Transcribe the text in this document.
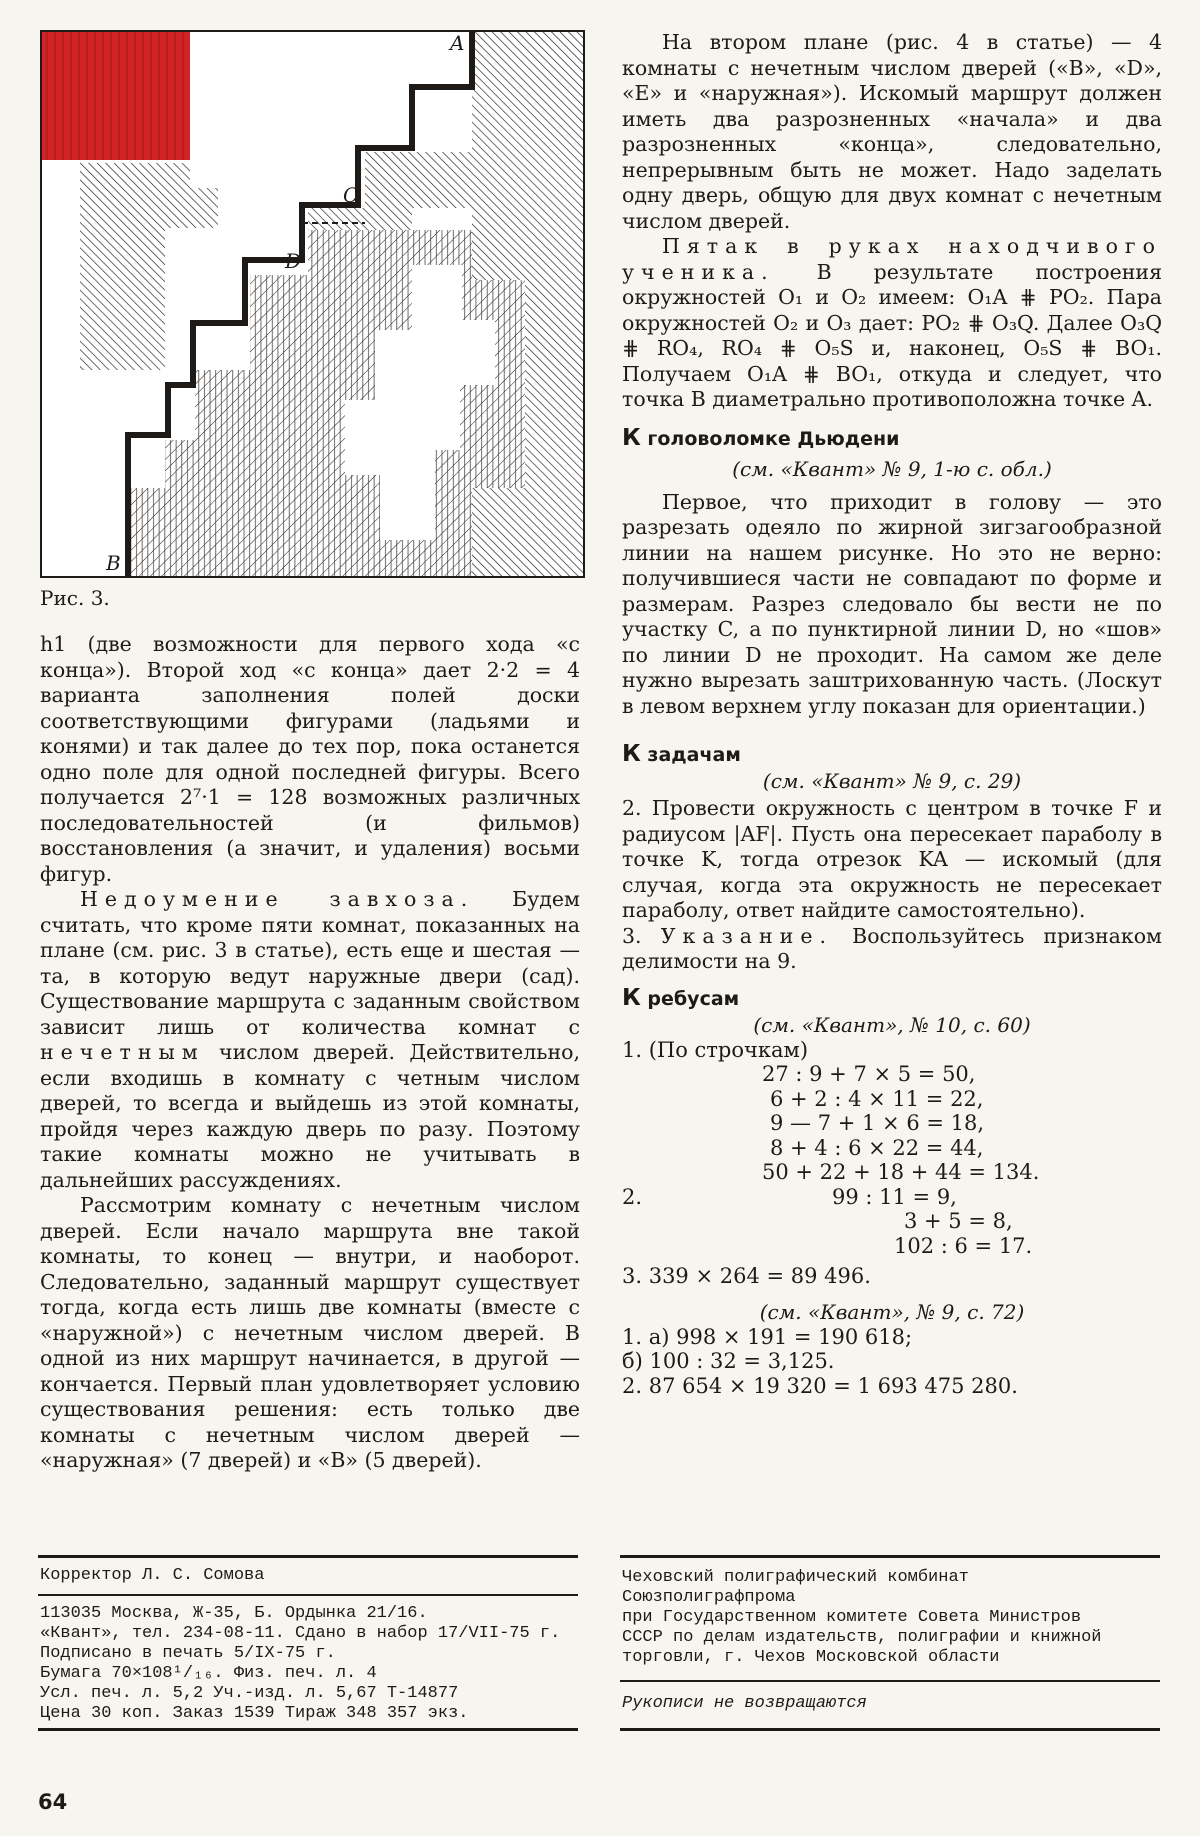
A
B
C
D
Рис. 3.

h1 (две возможности для первого хода «с конца»). Второй ход «с конца» дает 2·2 = 4 варианта заполнения полей доски соответствующими фигурами (ладьями и конями) и так далее до тех пор, пока останется одно поле для одной последней фигуры. Всего получается 2⁷·1 = 128 возможных различных последовательностей (и фильмов) восстановления (а значит, и удаления) восьми фигур.

Недоумение завхоза. Будем считать, что кроме пяти комнат, показанных на плане (см. рис. 3 в статье), есть еще и шестая — та, в которую ведут наружные двери (сад). Существование маршрута с заданным свойством зависит лишь от количества комнат с нечетным числом дверей. Действительно, если входишь в комнату с четным числом дверей, то всегда и выйдешь из этой комнаты, пройдя через каждую дверь по разу. Поэтому такие комнаты можно не учитывать в дальнейших рассуждениях.

Рассмотрим комнату с нечетным числом дверей. Если начало маршрута вне такой комнаты, то конец — внутри, и наоборот. Следовательно, заданный маршрут существует тогда, когда есть лишь две комнаты (вместе с «наружной») с нечетным числом дверей. В одной из них маршрут начинается, в другой — кончается. Первый план удовлетворяет условию существования решения: есть только две комнаты с нечетным числом дверей — «наружная» (7 дверей) и «B» (5 дверей).

На втором плане (рис. 4 в статье) — 4 комнаты с нечетным числом дверей («B», «D», «E» и «наружная»). Искомый маршрут должен иметь два разрозненных «начала» и два разрозненных «конца», следовательно, непрерывным быть не может. Надо заделать одну дверь, общую для двух комнат с нечетным числом дверей.

Пятак в руках находчивого ученика. В результате построения окружностей O₁ и O₂ имеем: O₁A ⋕ PO₂. Пара окружностей O₂ и O₃ дает: PO₂ ⋕ O₃Q. Далее O₃Q ⋕ RO₄, RO₄ ⋕ O₅S и, наконец, O₅S ⋕ BO₁. Получаем O₁A ⋕ BO₁, откуда и следует, что точка B диаметрально противоположна точке A.

К головоломке Дьюдени
(см. «Квант» № 9, 1-ю с. обл.)

Первое, что приходит в голову — это разрезать одеяло по жирной зигзагообразной линии на нашем рисунке. Но это не верно: получившиеся части не совпадают по форме и размерам. Разрез следовало бы вести не по участку C, а по пунктирной линии D, но «шов» по линии D не проходит. На самом же деле нужно вырезать заштрихованную часть. (Лоскут в левом верхнем углу показан для ориентации.)

К задачам
(см. «Квант» № 9, с. 29)

2. Провести окружность с центром в точке F и радиусом |AF|. Пусть она пересекает параболу в точке K, тогда отрезок KA — искомый (для случая, когда эта окружность не пересекает параболу, ответ найдите самостоятельно).

3. Указание. Воспользуйтесь признаком делимости на 9.

К ребусам
(см. «Квант», № 10, с. 60)
1. (По строчкам)
27 : 9 + 7 × 5 = 50,
6 + 2 : 4 × 11 = 22,
9 — 7 + 1 × 6 = 18,
8 + 4 : 6 × 22 = 44,
50 + 22 + 18 + 44 = 134.
2.	99 : 11 = 9,
3 + 5 = 8,
102 : 6 = 17.
3. 339 × 264 = 89 496.
(см. «Квант», № 9, с. 72)
1. а) 998 × 191 = 190 618;
б) 100 : 32 = 3,125.
2. 87 654 × 19 320 = 1 693 475 280.
Корректор Л. С. Сомова
113035 Москва, Ж-35, Б. Ордынка 21/16.
«Квант», тел. 234-08-11. Сдано в набор 17/VII-75 г.
Подписано в печать 5/IX-75 г.
Бумага 70×108¹/₁₆. Физ. печ. л. 4
Усл. печ. л. 5,2 Уч.-изд. л. 5,67 Т-14877
Цена 30 коп. Заказ 1539 Тираж 348 357 экз.
Чеховский полиграфический комбинат
Союзполиграфпрома
при Государственном комитете Совета Министров
СССР по делам издательств, полиграфии и книжной торговли, г. Чехов Московской области
Рукописи не возвращаются
64
